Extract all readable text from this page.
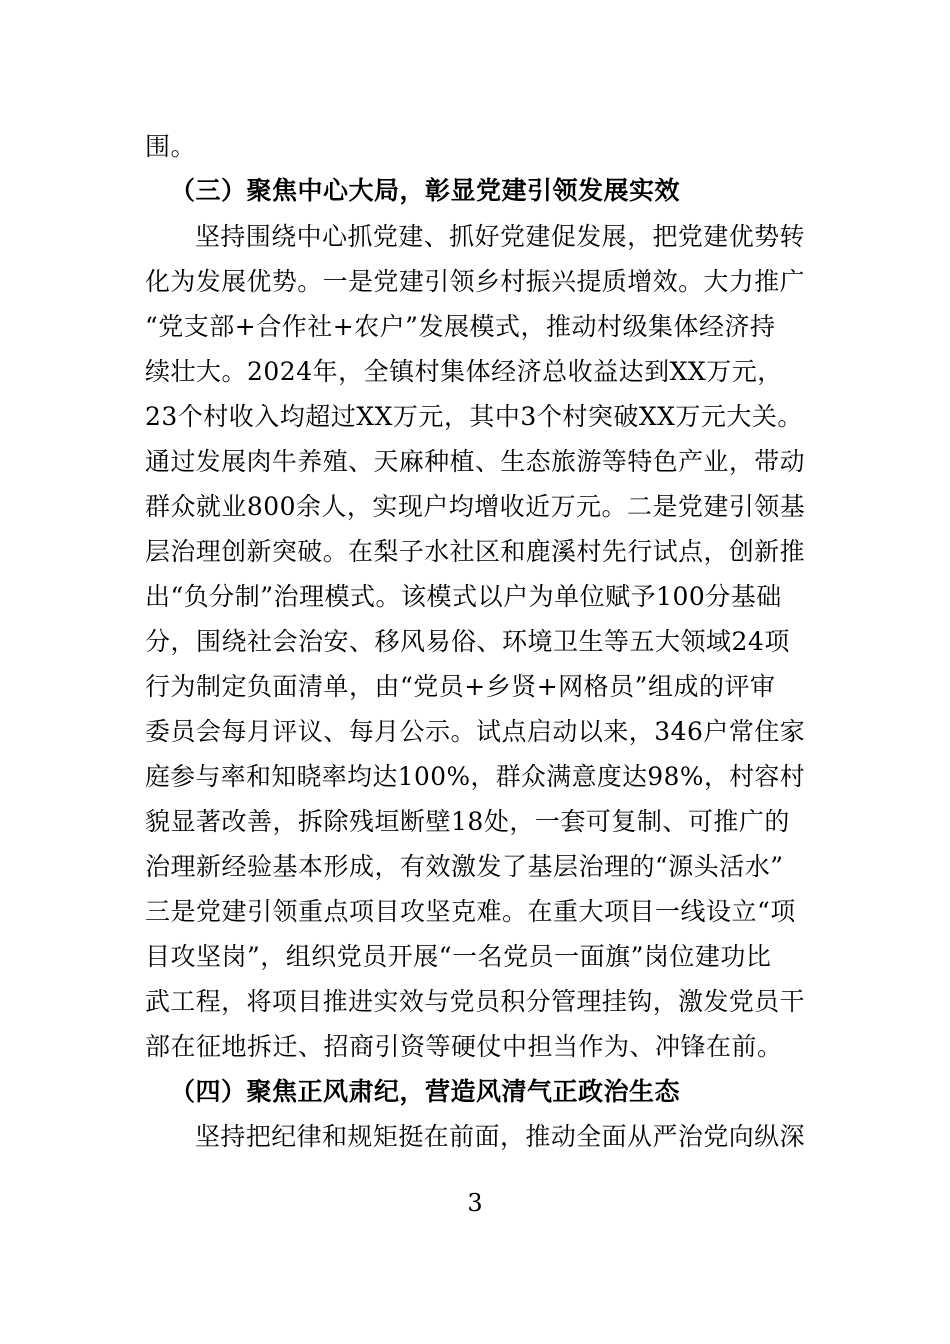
围。
（三）聚焦中心大局，彰显党建引领发展实效
坚持围绕中心抓党建、抓好党建促发展，把党建优势转
化为发展优势。一是党建引领乡村振兴提质增效。大力推广
“党支部+合作社+农户”发展模式，推动村级集体经济持
续壮大。2024年，全镇村集体经济总收益达到XX万元，
23个村收入均超过XX万元，其中3个村突破XX万元大关。
通过发展肉牛养殖、天麻种植、生态旅游等特色产业，带动
群众就业800余人，实现户均增收近万元。二是党建引领基
层治理创新突破。在梨子水社区和鹿溪村先行试点，创新推
出“负分制”治理模式。该模式以户为单位赋予100分基础
分，围绕社会治安、移风易俗、环境卫生等五大领域24项
行为制定负面清单，由“党员+乡贤+网格员”组成的评审
委员会每月评议、每月公示。试点启动以来，346户常住家
庭参与率和知晓率均达100%，群众满意度达98%，村容村
貌显著改善，拆除残垣断壁18处，一套可复制、可推广的
治理新经验基本形成，有效激发了基层治理的“源头活水”
三是党建引领重点项目攻坚克难。在重大项目一线设立“项
目攻坚岗”，组织党员开展“一名党员一面旗”岗位建功比
武工程，将项目推进实效与党员积分管理挂钩，激发党员干
部在征地拆迁、招商引资等硬仗中担当作为、冲锋在前。
（四）聚焦正风肃纪，营造风清气正政治生态
坚持把纪律和规矩挺在前面，推动全面从严治党向纵深
3
